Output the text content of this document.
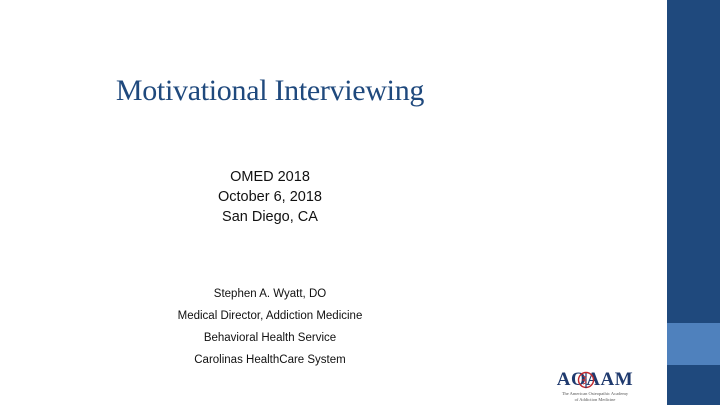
Motivational Interviewing
OMED 2018
October 6, 2018
San Diego, CA
Stephen A. Wyatt, DO
Medical Director, Addiction Medicine
Behavioral Health Service
Carolinas HealthCare System
AOAAM
The American Osteopathic Academy
of Addiction Medicine
